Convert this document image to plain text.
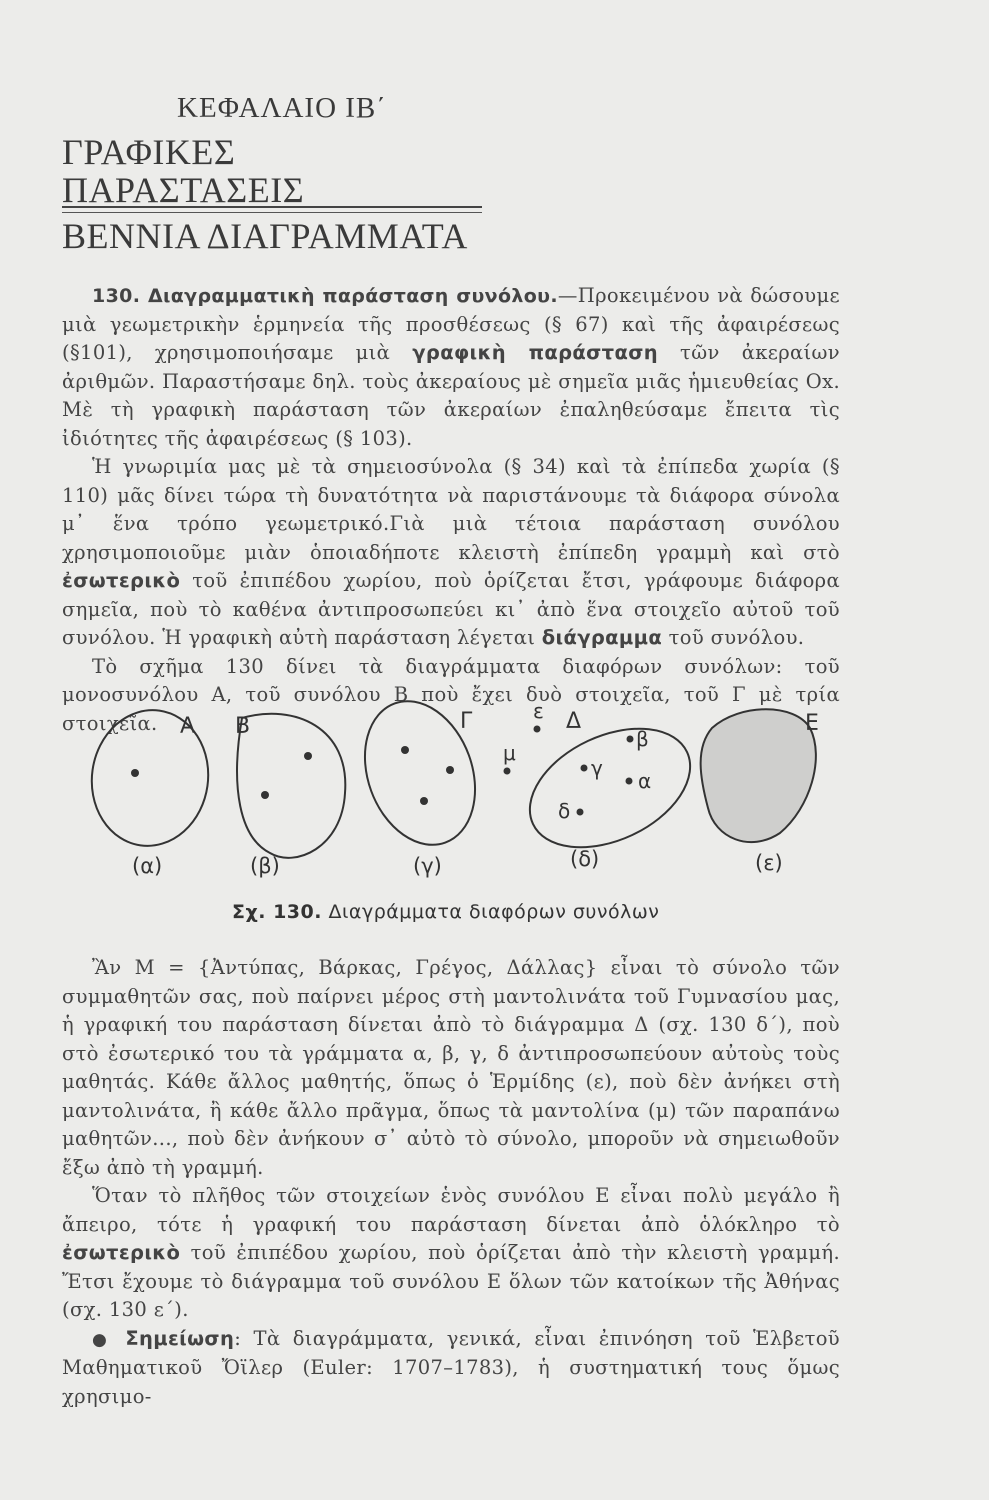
ΚΕΦΑΛΑΙΟ ΙΒ΄
ΓΡΑΦΙΚΕΣ ΠΑΡΑΣΤΑΣΕΙΣ
ΒΕΝΝΙΑ ΔΙΑΓΡΑΜΜΑΤΑ

130. Διαγραμματικὴ παράσταση συνόλου.—Προκειμένου νὰ δώσουμε μιὰ γεωμετρικὴν ἑρμηνεία τῆς προσθέσεως (§ 67) καὶ τῆς ἀφαιρέσεως (§101), χρησιμοποιήσαμε μιὰ γραφικὴ παράσταση τῶν ἀκεραίων ἀριθμῶν. Παραστήσαμε δηλ. τοὺς ἀκεραίους μὲ σημεῖα μιᾶς ἡμιευθείας Οx. Μὲ τὴ γραφικὴ παράσταση τῶν ἀκεραίων ἐπαληθεύσαμε ἔπειτα τὶς ἰδιότητες τῆς ἀφαιρέσεως (§ 103).

Ἡ γνωριμία μας μὲ τὰ σημειοσύνολα (§ 34) καὶ τὰ ἐπίπεδα χωρία (§ 110) μᾶς δίνει τώρα τὴ δυνατότητα νὰ παριστάνουμε τὰ διάφορα σύνολα μ᾽ ἕνα τρόπο γεωμετρικό.Γιὰ μιὰ τέτοια παράσταση συνόλου χρησιμοποιοῦμε μιὰν ὁποιαδήποτε κλειστὴ ἐπίπεδη γραμμὴ καὶ στὸ ἐσωτερικὸ τοῦ ἐπιπέδου χωρίου, ποὺ ὁρίζεται ἔτσι, γράφουμε διάφορα σημεῖα, ποὺ τὸ καθένα ἀντιπροσωπεύει κι᾽ ἀπὸ ἕνα στοιχεῖο αὐτοῦ τοῦ συνόλου. Ἡ γραφικὴ αὐτὴ παράσταση λέγεται διάγραμμα τοῦ συνόλου.

Τὸ σχῆμα 130 δίνει τὰ διαγράμματα διαφόρων συνόλων: τοῦ μονοσυνόλου Α, τοῦ συνόλου Β ποὺ ἔχει δυὸ στοιχεῖα, τοῦ Γ μὲ τρία στοιχεῖα.	Α
(α)
Β
(β)
Γ
(γ)
ε Δ
β
γ
α
δ
μ
(δ)
Ε
(ε)
Σχ. 130. Διαγράμματα διαφόρων συνόλων

Ἂν Μ = {Ἀντύπας, Βάρκας, Γρέγος, Δάλλας} εἶναι τὸ σύνολο τῶν συμμαθητῶν σας, ποὺ παίρνει μέρος στὴ μαντολινάτα τοῦ Γυμνασίου μας, ἡ γραφική του παράσταση δίνεται ἀπὸ τὸ διάγραμμα Δ (σχ. 130 δ΄), ποὺ στὸ ἐσωτερικό του τὰ γράμματα α, β, γ, δ ἀντιπροσωπεύουν αὐτοὺς τοὺς μαθητάς. Κάθε ἄλλος μαθητής, ὅπως ὁ Ἑρμίδης (ε), ποὺ δὲν ἀνήκει στὴ μαντολινάτα, ἢ κάθε ἄλλο πρᾶγμα, ὅπως τὰ μαντολίνα (μ) τῶν παραπάνω μαθητῶν..., ποὺ δὲν ἀνήκουν σ᾽ αὐτὸ τὸ σύνολο, μποροῦν νὰ σημειωθοῦν ἔξω ἀπὸ τὴ γραμμή.

Ὅταν τὸ πλῆθος τῶν στοιχείων ἑνὸς συνόλου Ε εἶναι πολὺ μεγάλο ἢ ἄπειρο, τότε ἡ γραφική του παράσταση δίνεται ἀπὸ ὁλόκληρο τὸ ἐσωτερικὸ τοῦ ἐπιπέδου χωρίου, ποὺ ὁρίζεται ἀπὸ τὴν κλειστὴ γραμμή. Ἔτσι ἔχουμε τὸ διάγραμμα τοῦ συνόλου Ε ὅλων τῶν κατοίκων τῆς Ἀθήνας (σχ. 130 ε΄).

● Σημείωση: Τὰ διαγράμματα, γενικά, εἶναι ἐπινόηση τοῦ Ἑλβετοῦ Μαθηματικοῦ Ὄϊλερ (Euler: 1707–1783), ἡ συστηματική τους ὅμως χρησιμο-
